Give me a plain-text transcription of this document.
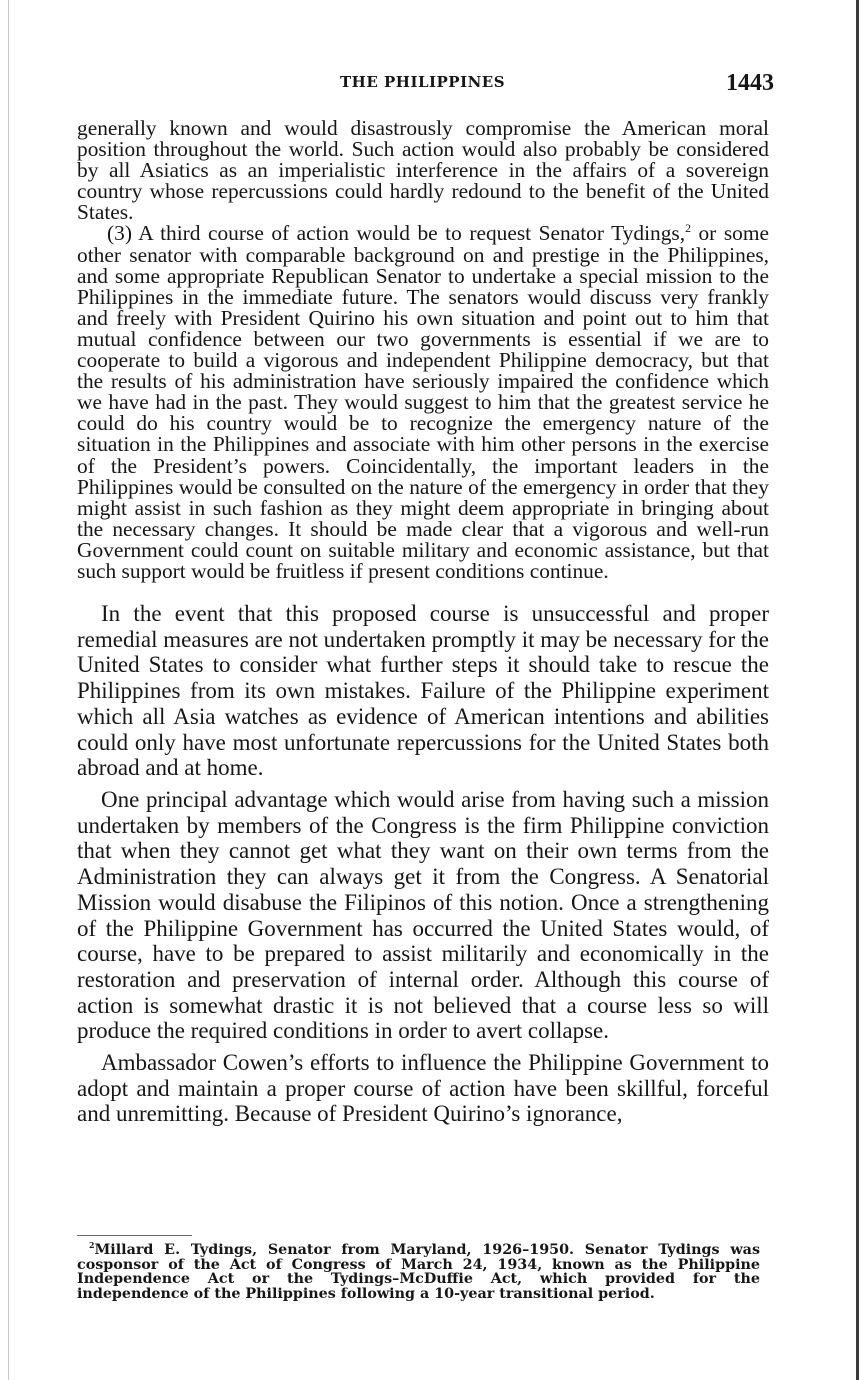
THE PHILIPPINES	1443

generally known and would disastrously compromise the American moral position throughout the world. Such action would also probably be considered by all Asiatics as an imperialistic interference in the affairs of a sovereign country whose repercussions could hardly redound to the benefit of the United States.

(3) A third course of action would be to request Senator Tydings,$^2$ or some other senator with comparable background on and prestige in the Philippines, and some appropriate Republican Senator to undertake a special mission to the Philippines in the immediate future. The senators would discuss very frankly and freely with President Quirino his own situation and point out to him that mutual confidence between our two governments is essential if we are to cooperate to build a vigorous and independent Philippine democracy, but that the results of his administration have seriously impaired the confidence which we have had in the past. They would suggest to him that the greatest service he could do his country would be to recognize the emergency nature of the situation in the Philippines and associate with him other persons in the exercise of the President’s powers. Coincidentally, the important leaders in the Philippines would be consulted on the nature of the emergency in order that they might assist in such fashion as they might deem appropriate in bringing about the necessary changes. It should be made clear that a vigorous and well-run Government could count on suitable military and economic assistance, but that such support would be fruitless if present conditions continue.

In the event that this proposed course is unsuccessful and proper remedial measures are not undertaken promptly it may be necessary for the United States to consider what further steps it should take to rescue the Philippines from its own mistakes. Failure of the Philippine experiment which all Asia watches as evidence of American intentions and abilities could only have most unfortunate repercussions for the United States both abroad and at home.

One principal advantage which would arise from having such a mission undertaken by members of the Congress is the firm Philippine conviction that when they cannot get what they want on their own terms from the Administration they can always get it from the Congress. A Senatorial Mission would disabuse the Filipinos of this notion. Once a strengthening of the Philippine Government has occurred the United States would, of course, have to be prepared to assist militarily and economically in the restoration and preservation of internal order. Although this course of action is somewhat drastic it is not believed that a course less so will produce the required conditions in order to avert collapse.

Ambassador Cowen’s efforts to influence the Philippine Government to adopt and maintain a proper course of action have been skillful, forceful and unremitting. Because of President Quirino’s ignorance,

$^2$Millard E. Tydings, Senator from Maryland, 1926–1950. Senator Tydings was cosponsor of the Act of Congress of March 24, 1934, known as the Philippine Independence Act or the Tydings–McDuffie Act, which provided for the independence of the Philippines following a 10-year transitional period.
